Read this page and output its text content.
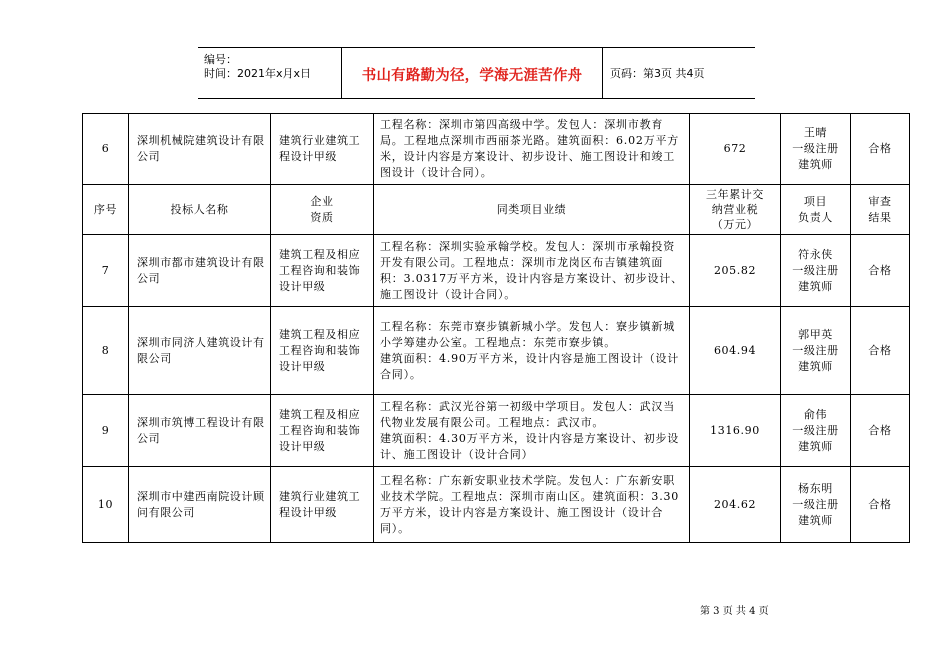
编号：
时间：2021年x月x日	书山有路勤为径，学海无涯苦作舟	页码：第3页 共4页
6	深圳机械院建筑设计有限公司	建筑行业建筑工程设计甲级	工程名称：深圳市第四高级中学。发包人：深圳市教育局。工程地点深圳市西丽茶光路。建筑面积：6.02万平方米，设计内容是方案设计、初步设计、施工图设计和竣工图设计（设计合同）。	672	王晴
一级注册
建筑师	合格
序号	投标人名称	企业
资质	同类项目业绩	三年累计交
纳营业税
（万元）	项目
负责人	审查
结果
7	深圳市都市建筑设计有限公司	建筑工程及相应工程咨询和装饰设计甲级	工程名称：深圳实验承翰学校。发包人：深圳市承翰投资开发有限公司。工程地点：深圳市龙岗区布吉镇建筑面积：3.0317万平方米，设计内容是方案设计、初步设计、施工图设计（设计合同）。	205.82	符永侠
一级注册
建筑师	合格
8	深圳市同济人建筑设计有限公司	建筑工程及相应工程咨询和装饰设计甲级	工程名称：东莞市寮步镇新城小学。发包人：寮步镇新城小学筹建办公室。工程地点：东莞市寮步镇。
建筑面积：4.90万平方米，设计内容是施工图设计（设计合同）。	604.94	郭甲英
一级注册
建筑师	合格
9	深圳市筑博工程设计有限公司	建筑工程及相应工程咨询和装饰设计甲级	工程名称：武汉光谷第一初级中学项目。发包人：武汉当代物业发展有限公司。工程地点：武汉市。
建筑面积：4.30万平方米，设计内容是方案设计、初步设计、施工图设计（设计合同）	1316.90	俞伟
一级注册
建筑师	合格
10	深圳市中建西南院设计顾问有限公司	建筑行业建筑工程设计甲级	工程名称：广东新安职业技术学院。发包人：广东新安职业技术学院。工程地点：深圳市南山区。建筑面积：3.30万平方米，设计内容是方案设计、施工图设计（设计合同）。	204.62	杨东明
一级注册
建筑师	合格
第 3 页 共 4 页
